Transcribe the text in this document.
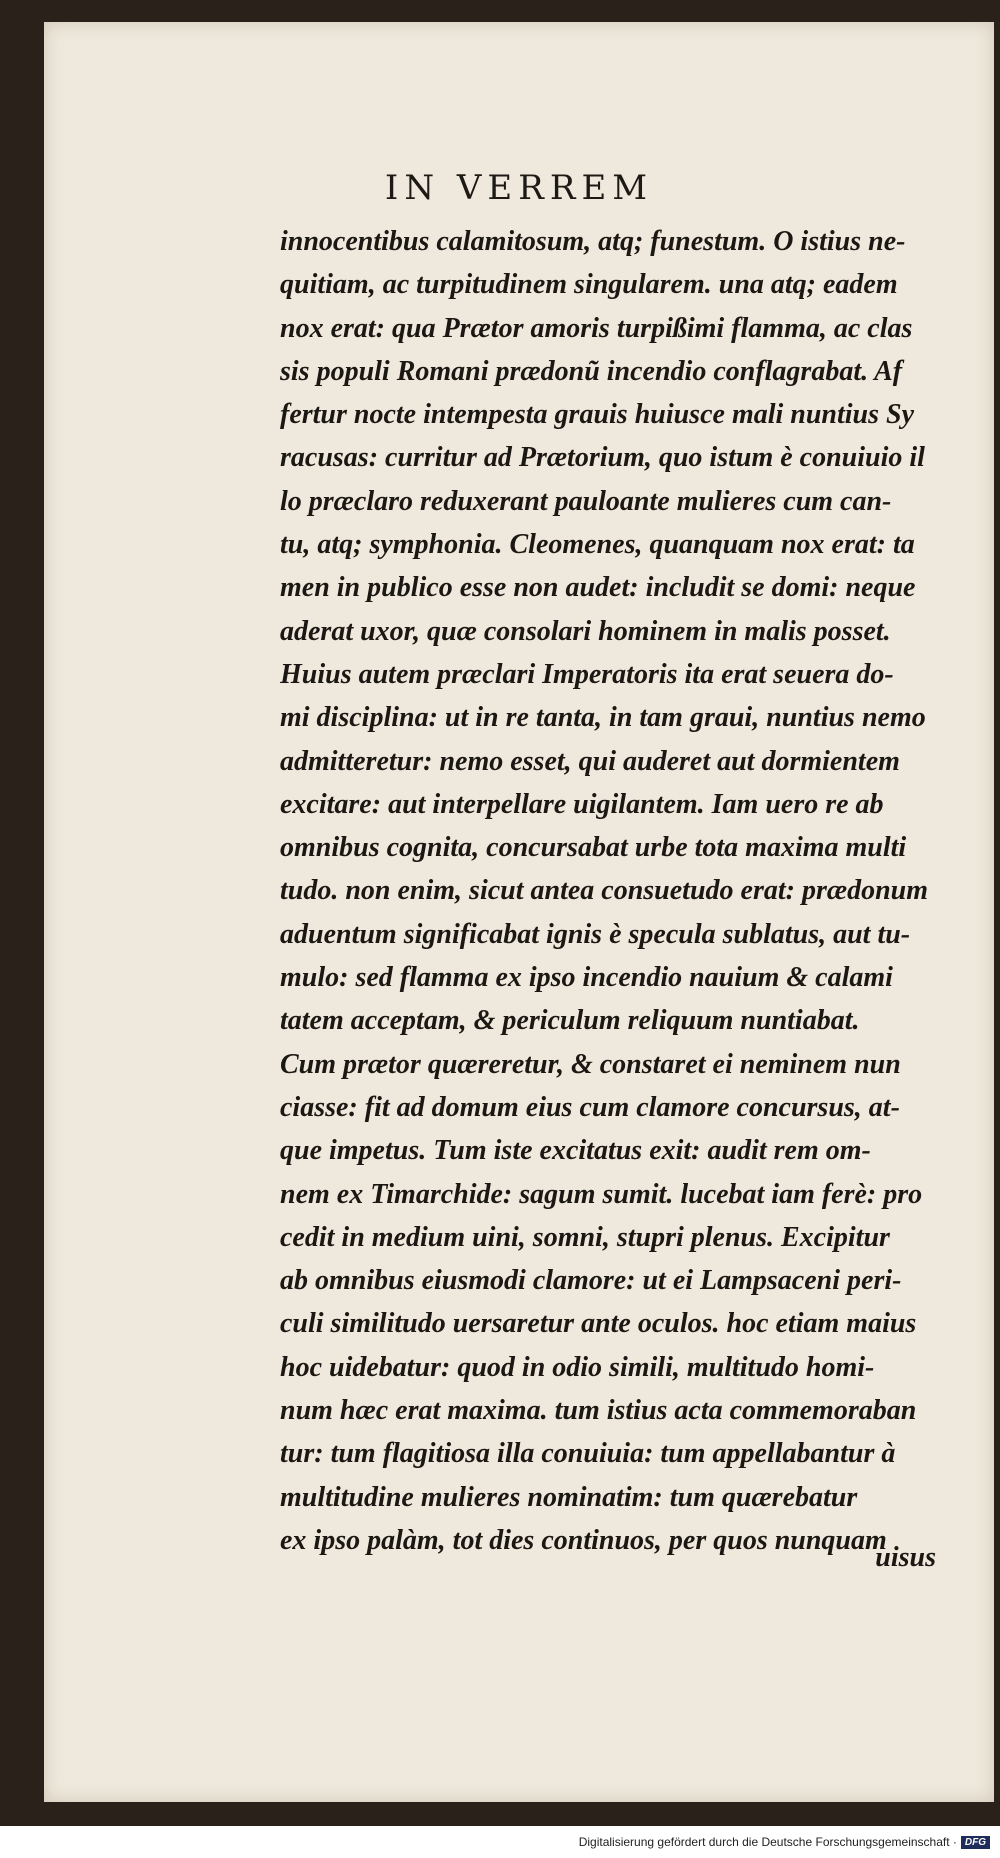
IN VERREM
innocentibus calamitosum, atq; funestum. O istius ne-
quitiam, ac turpitudinem singularem. una atq; eadem
nox erat: qua Prætor amoris turpißimi flamma, ac clas
sis populi Romani prædonũ incendio conflagrabat. Af
fertur nocte intempesta grauis huiusce mali nuntius Sy
racusas: curritur ad Prætorium, quo istum è conuiuio il
lo præclaro reduxerant pauloante mulieres cum can-
tu, atq; symphonia. Cleomenes, quanquam nox erat: ta
men in publico esse non audet: includit se domi: neque
aderat uxor, quæ consolari hominem in malis posset.
Huius autem præclari Imperatoris ita erat seuera do-
mi disciplina: ut in re tanta, in tam graui, nuntius nemo
admitteretur: nemo esset, qui auderet aut dormientem
excitare: aut interpellare uigilantem. Iam uero re ab
omnibus cognita, concursabat urbe tota maxima multi
tudo. non enim, sicut antea consuetudo erat: prædonum
aduentum significabat ignis è specula sublatus, aut tu-
mulo: sed flamma ex ipso incendio nauium & calami
tatem acceptam, & periculum reliquum nuntiabat.
Cum prætor quæreretur, & constaret ei neminem nun
ciasse: fit ad domum eius cum clamore concursus, at-
que impetus. Tum iste excitatus exit: audit rem om-
nem ex Timarchide: sagum sumit. lucebat iam ferè: pro
cedit in medium uini, somni, stupri plenus. Excipitur
ab omnibus eiusmodi clamore: ut ei Lampsaceni peri-
culi similitudo uersaretur ante oculos. hoc etiam maius
hoc uidebatur: quod in odio simili, multitudo homi-
num hæc erat maxima. tum istius acta commemoraban
tur: tum flagitiosa illa conuiuia: tum appellabantur à
multitudine mulieres nominatim: tum quærebatur
ex ipso palàm, tot dies continuos, per quos nunquam
uisus
Digitalisierung gefördert durch die Deutsche Forschungsgemeinschaft · DFG
